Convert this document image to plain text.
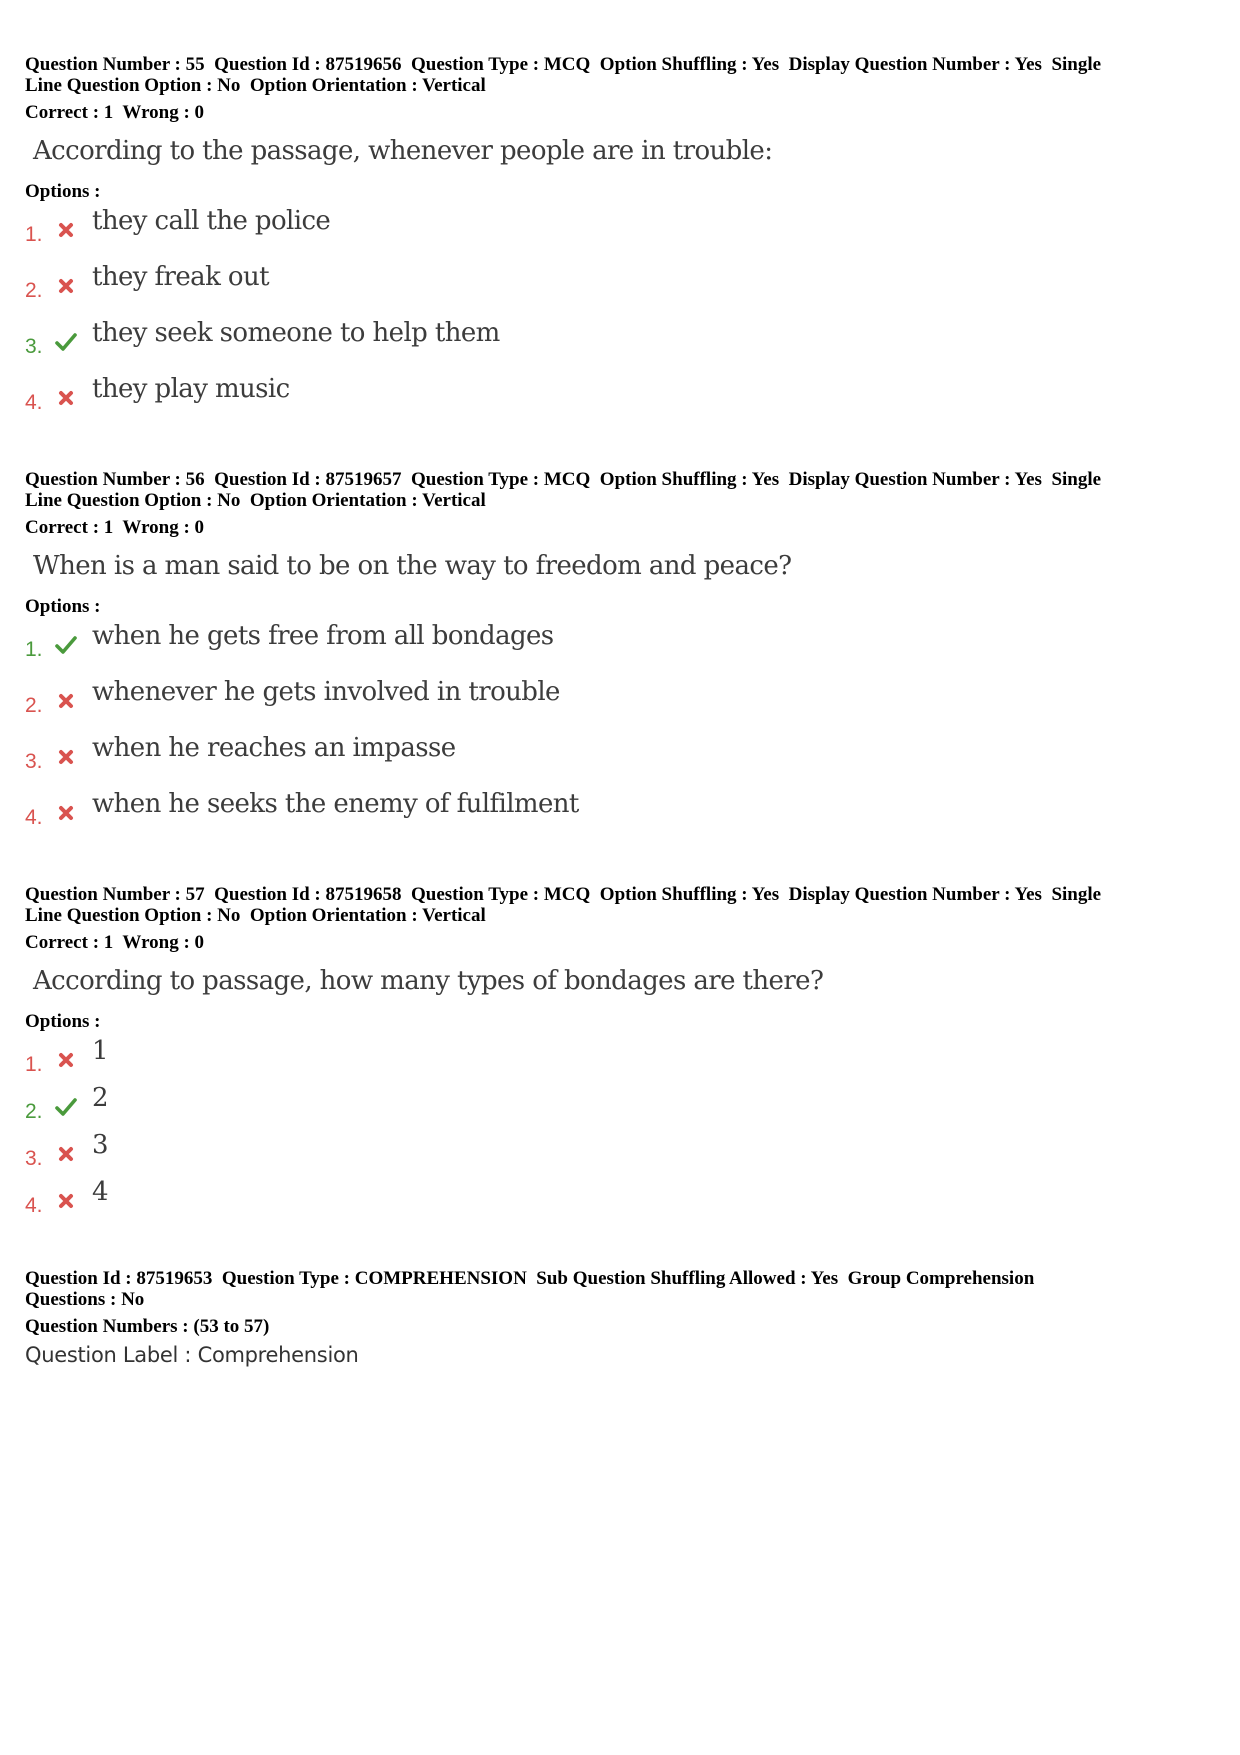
Question Number : 55  Question Id : 87519656  Question Type : MCQ  Option Shuffling : Yes  Display Question Number : Yes  Single
Line Question Option : No  Option Orientation : Vertical
Correct : 1  Wrong : 0
According to the passage, whenever people are in trouble:
Options :
1. they call the police
2. they freak out
3. they seek someone to help them
4. they play music
Question Number : 56  Question Id : 87519657  Question Type : MCQ  Option Shuffling : Yes  Display Question Number : Yes  Single
Line Question Option : No  Option Orientation : Vertical
Correct : 1  Wrong : 0
When is a man said to be on the way to freedom and peace?
Options :
1. when he gets free from all bondages
2. whenever he gets involved in trouble
3. when he reaches an impasse
4. when he seeks the enemy of fulfilment
Question Number : 57  Question Id : 87519658  Question Type : MCQ  Option Shuffling : Yes  Display Question Number : Yes  Single
Line Question Option : No  Option Orientation : Vertical
Correct : 1  Wrong : 0
According to passage, how many types of bondages are there?
Options :
1. 1
2. 2
3. 3
4. 4
Question Id : 87519653  Question Type : COMPREHENSION  Sub Question Shuffling Allowed : Yes  Group Comprehension
Questions : No
Question Numbers : (53 to 57)
Question Label : Comprehension
